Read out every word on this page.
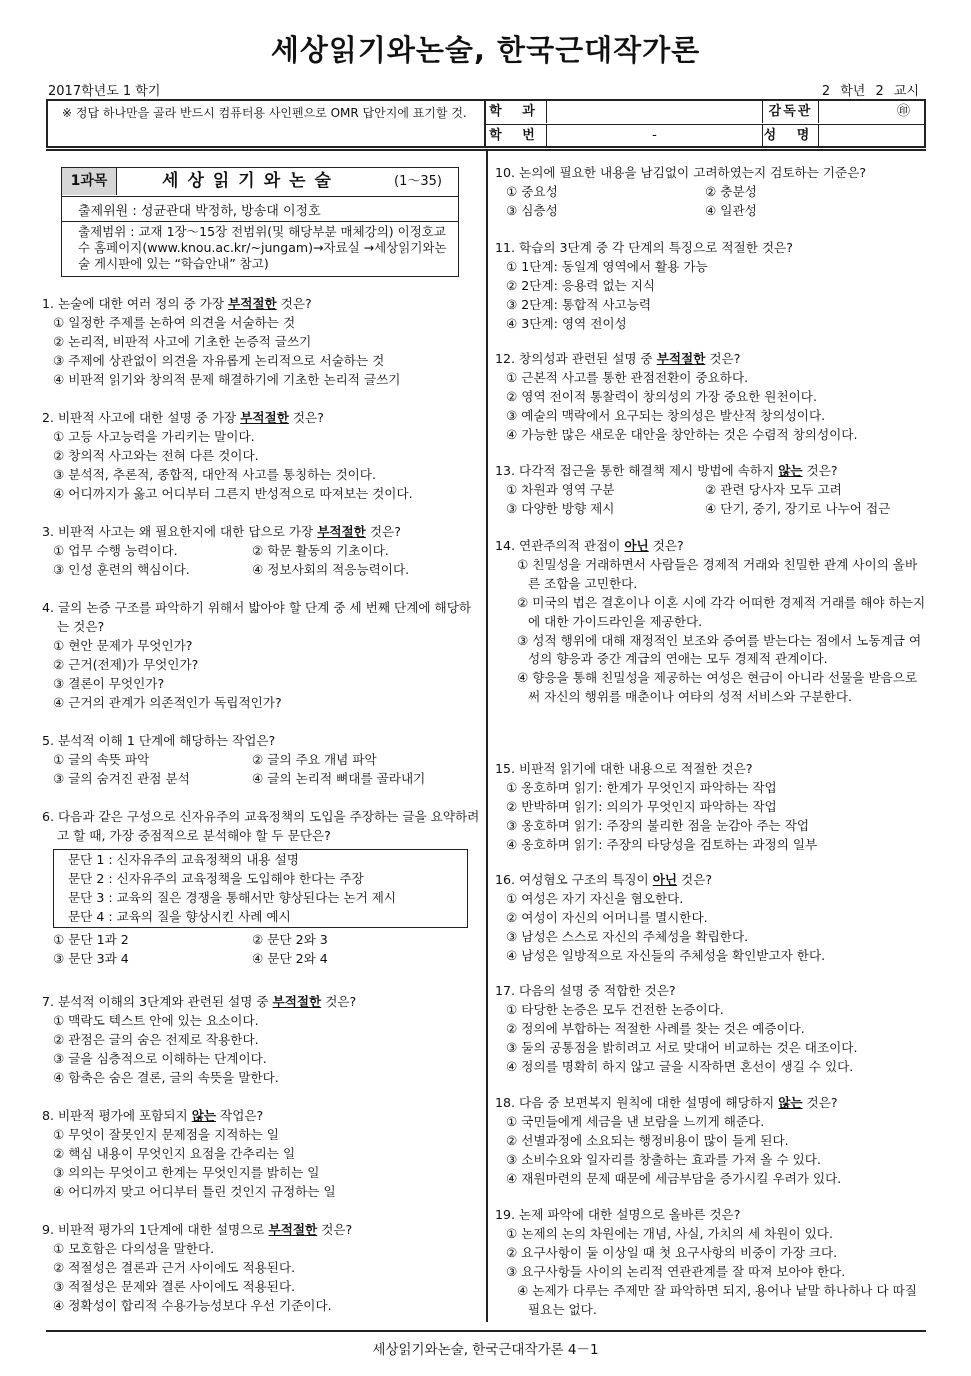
세상읽기와논술, 한국근대작가론
2017학년도 1 학기	2 학년 2 교시
※ 정답 하나만을 골라 반드시 컴퓨터용 사인펜으로 OMR 답안지에 표기할 것.	학 과	감독관	㊞
학 번	-	성 명
1과목	세상읽기와논술	(1～35)
출제위원 : 성균관대 박정하, 방송대 이정호
출제범위 : 교재 1장～15장 전범위(및 해당부분 매체강의) 이정호교수 홈페이지(www.knou.ac.kr/~jungam)→자료실 →세상읽기와논술 게시판에 있는 “학습안내” 참고)

1. 논술에 대한 여러 정의 중 가장 부적절한 것은?

① 일정한 주제를 논하여 의견을 서술하는 것

② 논리적, 비판적 사고에 기초한 논증적 글쓰기

③ 주제에 상관없이 의견을 자유롭게 논리적으로 서술하는 것

④ 비판적 읽기와 창의적 문제 해결하기에 기초한 논리적 글쓰기

2. 비판적 사고에 대한 설명 중 가장 부적절한 것은?

① 고등 사고능력을 가리키는 말이다.

② 창의적 사고와는 전혀 다른 것이다.

③ 분석적, 추론적, 종합적, 대안적 사고를 통칭하는 것이다.

④ 어디까지가 옳고 어디부터 그른지 반성적으로 따져보는 것이다.

3. 비판적 사고는 왜 필요한지에 대한 답으로 가장 부적절한 것은?

① 업무 수행 능력이다.	② 학문 활동의 기초이다.
③ 인성 훈련의 핵심이다.	④ 정보사회의 적응능력이다.

4. 글의 논증 구조를 파악하기 위해서 밟아야 할 단계 중 세 번째 단계에 해당하는 것은?

① 현안 문제가 무엇인가?

② 근거(전제)가 무엇인가?

③ 결론이 무엇인가?

④ 근거의 관계가 의존적인가 독립적인가?

5. 분석적 이해 1 단계에 해당하는 작업은?

① 글의 속뜻 파악	② 글의 주요 개념 파악
③ 글의 숨겨진 관점 분석	④ 글의 논리적 뼈대를 골라내기

6. 다음과 같은 구성으로 신자유주의 교육정책의 도입을 주장하는 글을 요약하려고 할 때, 가장 중점적으로 분석해야 할 두 문단은?

문단 1 : 신자유주의 교육정책의 내용 설명
문단 2 : 신자유주의 교육정책을 도입해야 한다는 주장
문단 3 : 교육의 질은 경쟁을 통해서만 향상된다는 논거 제시
문단 4 : 교육의 질을 향상시킨 사례 예시
① 문단 1과 2	② 문단 2와 3
③ 문단 3과 4	④ 문단 2와 4

7. 분석적 이해의 3단계와 관련된 설명 중 부적절한 것은?

① 맥락도 텍스트 안에 있는 요소이다.

② 관점은 글의 숨은 전제로 작용한다.

③ 글을 심층적으로 이해하는 단계이다.

④ 함축은 숨은 결론, 글의 속뜻을 말한다.

8. 비판적 평가에 포함되지 않는 작업은?

① 무엇이 잘못인지 문제점을 지적하는 일

② 핵심 내용이 무엇인지 요점을 간추리는 일

③ 의의는 무엇이고 한계는 무엇인지를 밝히는 일

④ 어디까지 맞고 어디부터 틀린 것인지 규정하는 일

9. 비판적 평가의 1단계에 대한 설명으로 부적절한 것은?

① 모호함은 다의성을 말한다.

② 적절성은 결론과 근거 사이에도 적용된다.

③ 적절성은 문제와 결론 사이에도 적용된다.

④ 정확성이 합리적 수용가능성보다 우선 기준이다.

10. 논의에 필요한 내용을 남김없이 고려하였는지 검토하는 기준은?

① 중요성	② 충분성
③ 심층성	④ 일관성

11. 학습의 3단계 중 각 단계의 특징으로 적절한 것은?

① 1단계: 동일계 영역에서 활용 가능

② 2단계: 응용력 없는 지식

③ 2단계: 통합적 사고능력

④ 3단계: 영역 전이성

12. 창의성과 관련된 설명 중 부적절한 것은?

① 근본적 사고를 통한 관점전환이 중요하다.

② 영역 전이적 통찰력이 창의성의 가장 중요한 원천이다.

③ 예술의 맥락에서 요구되는 창의성은 발산적 창의성이다.

④ 가능한 많은 새로운 대안을 창안하는 것은 수렴적 창의성이다.

13. 다각적 접근을 통한 해결책 제시 방법에 속하지 않는 것은?

① 차원과 영역 구분	② 관련 당사자 모두 고려
③ 다양한 방향 제시	④ 단기, 중기, 장기로 나누어 접근

14. 연관주의적 관점이 아닌 것은?

① 친밀성을 거래하면서 사람들은 경제적 거래와 친밀한 관계 사이의 올바른 조합을 고민한다.

② 미국의 법은 결혼이나 이혼 시에 각각 어떠한 경제적 거래를 해야 하는지에 대한 가이드라인을 제공한다.

③ 성적 행위에 대해 재정적인 보조와 증여를 받는다는 점에서 노동계급 여성의 향응과 중간 계급의 연애는 모두 경제적 관계이다.

④ 향응을 통해 친밀성을 제공하는 여성은 현금이 아니라 선물을 받음으로써 자신의 행위를 매춘이나 여타의 성적 서비스와 구분한다.

15. 비판적 읽기에 대한 내용으로 적절한 것은?

① 옹호하며 읽기: 한계가 무엇인지 파악하는 작업

② 반박하며 읽기: 의의가 무엇인지 파악하는 작업

③ 옹호하며 읽기: 주장의 불리한 점을 눈감아 주는 작업

④ 옹호하며 읽기: 주장의 타당성을 검토하는 과정의 일부

16. 여성혐오 구조의 특징이 아닌 것은?

① 여성은 자기 자신을 혐오한다.

② 여성이 자신의 어머니를 멸시한다.

③ 남성은 스스로 자신의 주체성을 확립한다.

④ 남성은 일방적으로 자신들의 주체성을 확인받고자 한다.

17. 다음의 설명 중 적합한 것은?

① 타당한 논증은 모두 건전한 논증이다.

② 정의에 부합하는 적절한 사례를 찾는 것은 예증이다.

③ 둘의 공통점을 밝히려고 서로 맞대어 비교하는 것은 대조이다.

④ 정의를 명확히 하지 않고 글을 시작하면 혼선이 생길 수 있다.

18. 다음 중 보편복지 원칙에 대한 설명에 해당하지 않는 것은?

① 국민들에게 세금을 낸 보람을 느끼게 해준다.

② 선별과정에 소요되는 행정비용이 많이 들게 된다.

③ 소비수요와 일자리를 창출하는 효과를 가져 올 수 있다.

④ 재원마련의 문제 때문에 세금부담을 증가시킬 우려가 있다.

19. 논제 파악에 대한 설명으로 올바른 것은?

① 논제의 논의 차원에는 개념, 사실, 가치의 세 차원이 있다.

② 요구사항이 둘 이상일 때 첫 요구사항의 비중이 가장 크다.

③ 요구사항들 사이의 논리적 연관관계를 잘 따져 보아야 한다.

④ 논제가 다루는 주제만 잘 파악하면 되지, 용어나 낱말 하나하나 다 따질 필요는 없다.

세상읽기와논술, 한국근대작가론 4－1
